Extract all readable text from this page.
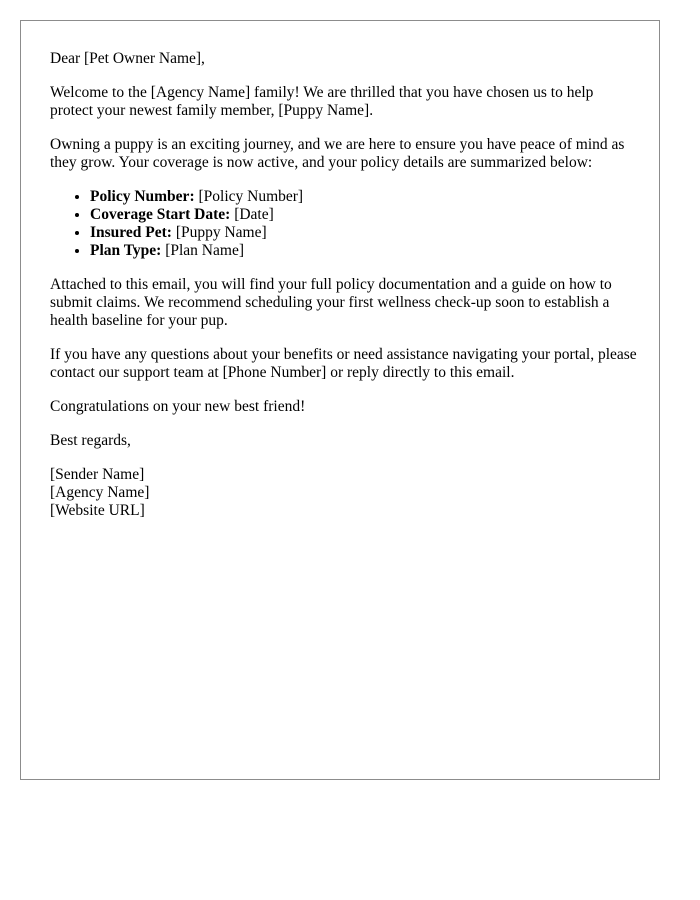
Dear [Pet Owner Name],

Welcome to the [Agency Name] family! We are thrilled that you have chosen us to help protect your newest family member, [Puppy Name].

Owning a puppy is an exciting journey, and we are here to ensure you have peace of mind as they grow. Your coverage is now active, and your policy details are summarized below:

• Policy Number: [Policy Number]
• Coverage Start Date: [Date]
• Insured Pet: [Puppy Name]
• Plan Type: [Plan Name]

Attached to this email, you will find your full policy documentation and a guide on how to submit claims. We recommend scheduling your first wellness check-up soon to establish a health baseline for your pup.

If you have any questions about your benefits or need assistance navigating your portal, please contact our support team at [Phone Number] or reply directly to this email.

Congratulations on your new best friend!

Best regards,

[Sender Name]
[Agency Name]
[Website URL]
